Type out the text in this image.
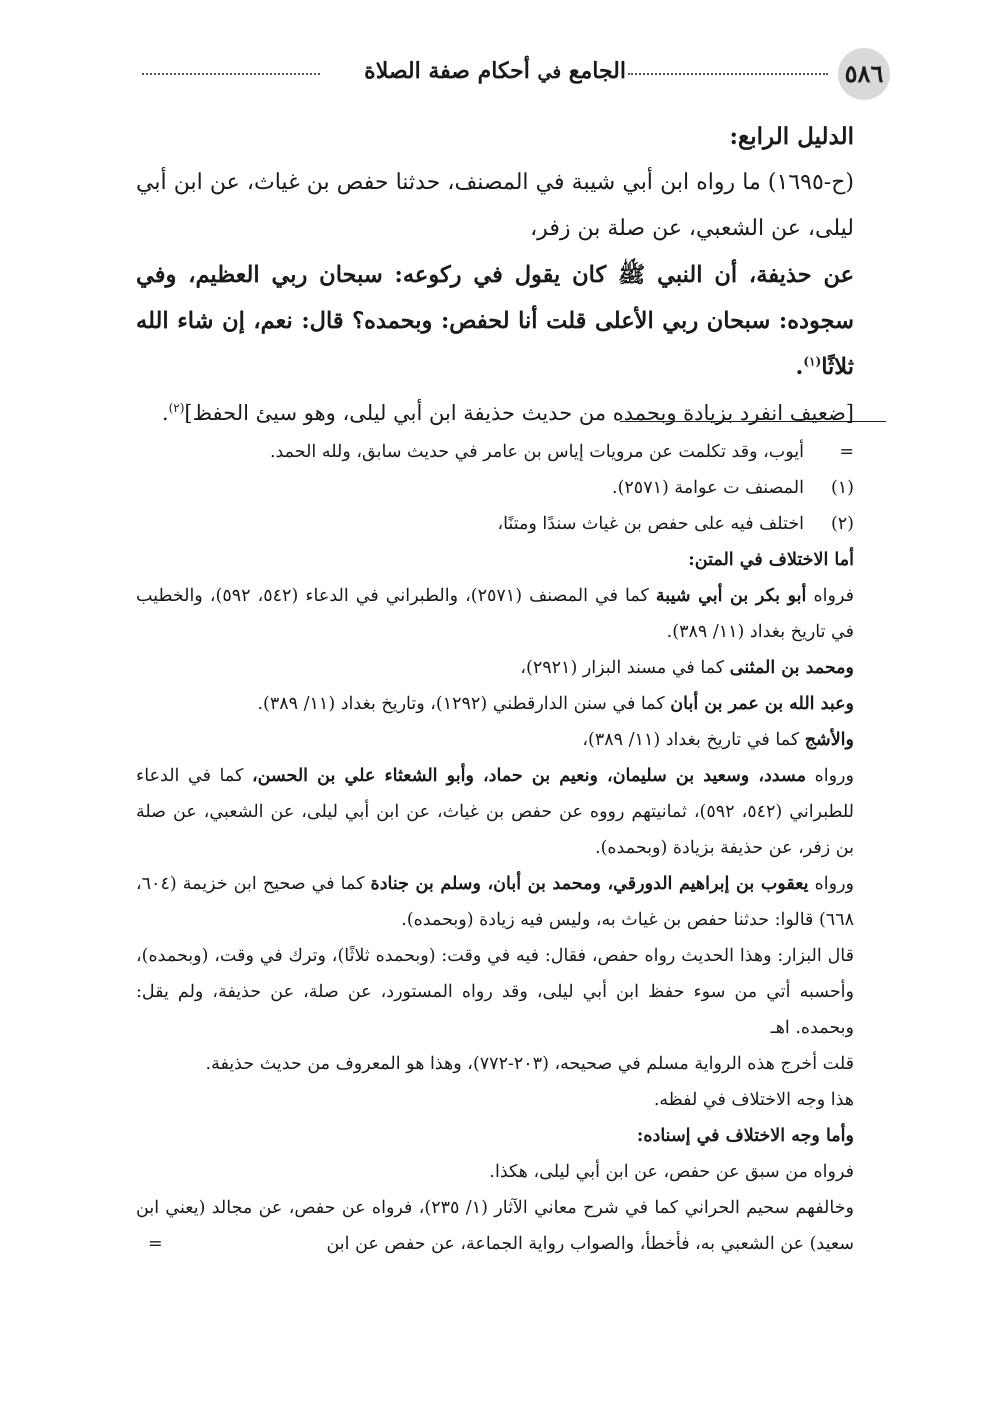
٥٨٦
الجامع في أحكام صفة الصلاة

الدليل الرابع:

(ح-١٦٩٥) ما رواه ابن أبي شيبة في المصنف، حدثنا حفص بن غياث، عن ابن أبي ليلى، عن الشعبي، عن صلة بن زفر،

عن حذيفة، أن النبي ﷺ كان يقول في ركوعه: سبحان ربي العظيم، وفي سجوده: سبحان ربي الأعلى قلت أنا لحفص: وبحمده؟ قال: نعم، إن شاء الله ثلاثًا$^{(١)}$.

[ضعيف انفرد بزيادة وبحمده من حديث حذيفة ابن أبي ليلى، وهو سيئ الحفظ]$^{(٢)}$.

=
أيوب، وقد تكلمت عن مرويات إياس بن عامر في حديث سابق، ولله الحمد.

(١)
المصنف ت عوامة (٢٥٧١).

(٢)
اختلف فيه على حفص بن غياث سندًا ومتنًا،

أما الاختلاف في المتن:

فرواه أبو بكر بن أبي شيبة كما في المصنف (٢٥٧١)، والطبراني في الدعاء (٥٤٢، ٥٩٢)، والخطيب في تاريخ بغداد (١١/ ٣٨٩).

ومحمد بن المثنى كما في مسند البزار (٢٩٢١)،

وعبد الله بن عمر بن أبان كما في سنن الدارقطني (١٢٩٢)، وتاريخ بغداد (١١/ ٣٨٩).

والأشج كما في تاريخ بغداد (١١/ ٣٨٩)،

ورواه مسدد، وسعيد بن سليمان، ونعيم بن حماد، وأبو الشعثاء علي بن الحسن، كما في الدعاء للطبراني (٥٤٢، ٥٩٢)، ثمانيتهم رووه عن حفص بن غياث، عن ابن أبي ليلى، عن الشعبي، عن صلة بن زفر، عن حذيفة بزيادة (وبحمده).

ورواه يعقوب بن إبراهيم الدورقي، ومحمد بن أبان، وسلم بن جنادة كما في صحيح ابن خزيمة (٦٠٤، ٦٦٨) قالوا: حدثنا حفص بن غياث به، وليس فيه زيادة (وبحمده).

قال البزار: وهذا الحديث رواه حفص، فقال: فيه في وقت: (وبحمده ثلاثًا)، وترك في وقت، (وبحمده)، وأحسبه أتي من سوء حفظ ابن أبي ليلى، وقد رواه المستورد، عن صلة، عن حذيفة، ولم يقل: وبحمده. اهـ

قلت أخرج هذه الرواية مسلم في صحيحه، (٢٠٣-٧٧٢)، وهذا هو المعروف من حديث حذيفة.

هذا وجه الاختلاف في لفظه.

وأما وجه الاختلاف في إسناده:

فرواه من سبق عن حفص، عن ابن أبي ليلى، هكذا.

وخالفهم سحيم الحراني كما في شرح معاني الآثار (١/ ٢٣٥)، فرواه عن حفص، عن مجالد (يعني ابن سعيد) عن الشعبي به، فأخطأ، والصواب رواية الجماعة، عن حفص عن ابن
=
